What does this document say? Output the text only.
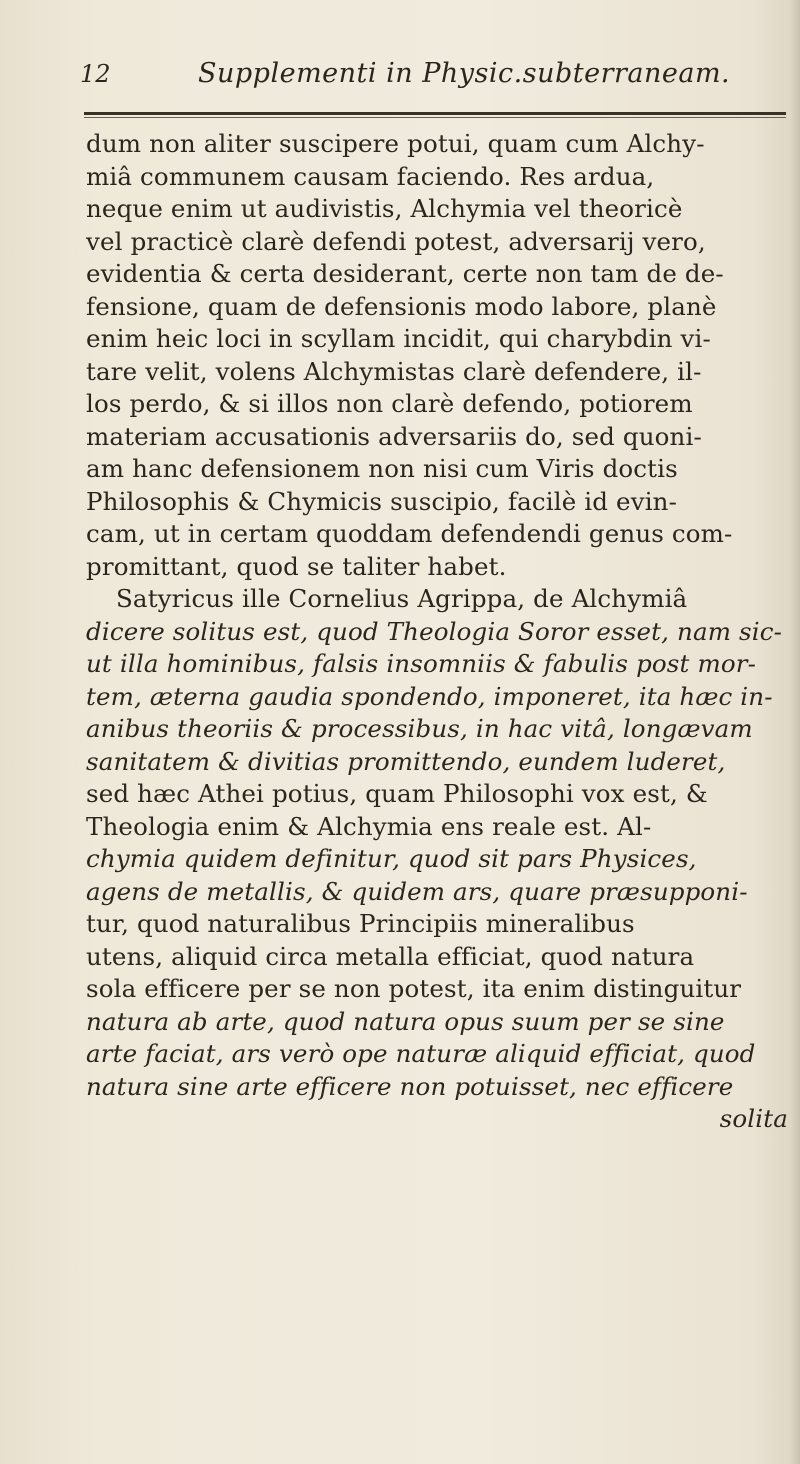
12	Supplementi in Physic.subterraneam.
dum non aliter suscipere potui, quam cum Alchy-
miâ communem causam faciendo. Res ardua,
neque enim ut audivistis, Alchymia vel theoricè
vel practicè clarè defendi potest, adversarij vero,
evidentia & certa desiderant, certe non tam de de-
fensione, quam de defensionis modo labore, planè
enim heic loci in scyllam incidit, qui charybdin vi-
tare velit, volens Alchymistas clarè defendere, il-
los perdo, & si illos non clarè defendo, potiorem
materiam accusationis adversariis do, sed quoni-
am hanc defensionem non nisi cum Viris doctis
Philosophis & Chymicis suscipio, facilè id evin-
cam, ut in certam quoddam defendendi genus com-
promittant, quod se taliter habet.
Satyricus ille Cornelius Agrippa, de Alchymiâ
dicere solitus est, quod Theologia Soror esset, nam sic-
ut illa hominibus, falsis insomniis & fabulis post mor-
tem, æterna gaudia spondendo, imponeret, ita hæc in-
anibus theoriis & processibus, in hac vitâ, longævam
sanitatem & divitias promittendo, eundem luderet,
sed hæc Athei potius, quam Philosophi vox est, &
Theologia enim & Alchymia ens reale est. Al-
chymia quidem definitur, quod sit pars Physices,
agens de metallis, & quidem ars, quare præsupponi-
tur, quod naturalibus Principiis mineralibus
utens, aliquid circa metalla efficiat, quod natura
sola efficere per se non potest, ita enim distinguitur
natura ab arte, quod natura opus suum per se sine
arte faciat, ars verò ope naturæ aliquid efficiat, quod
natura sine arte efficere non potuisset, nec efficere
solita
